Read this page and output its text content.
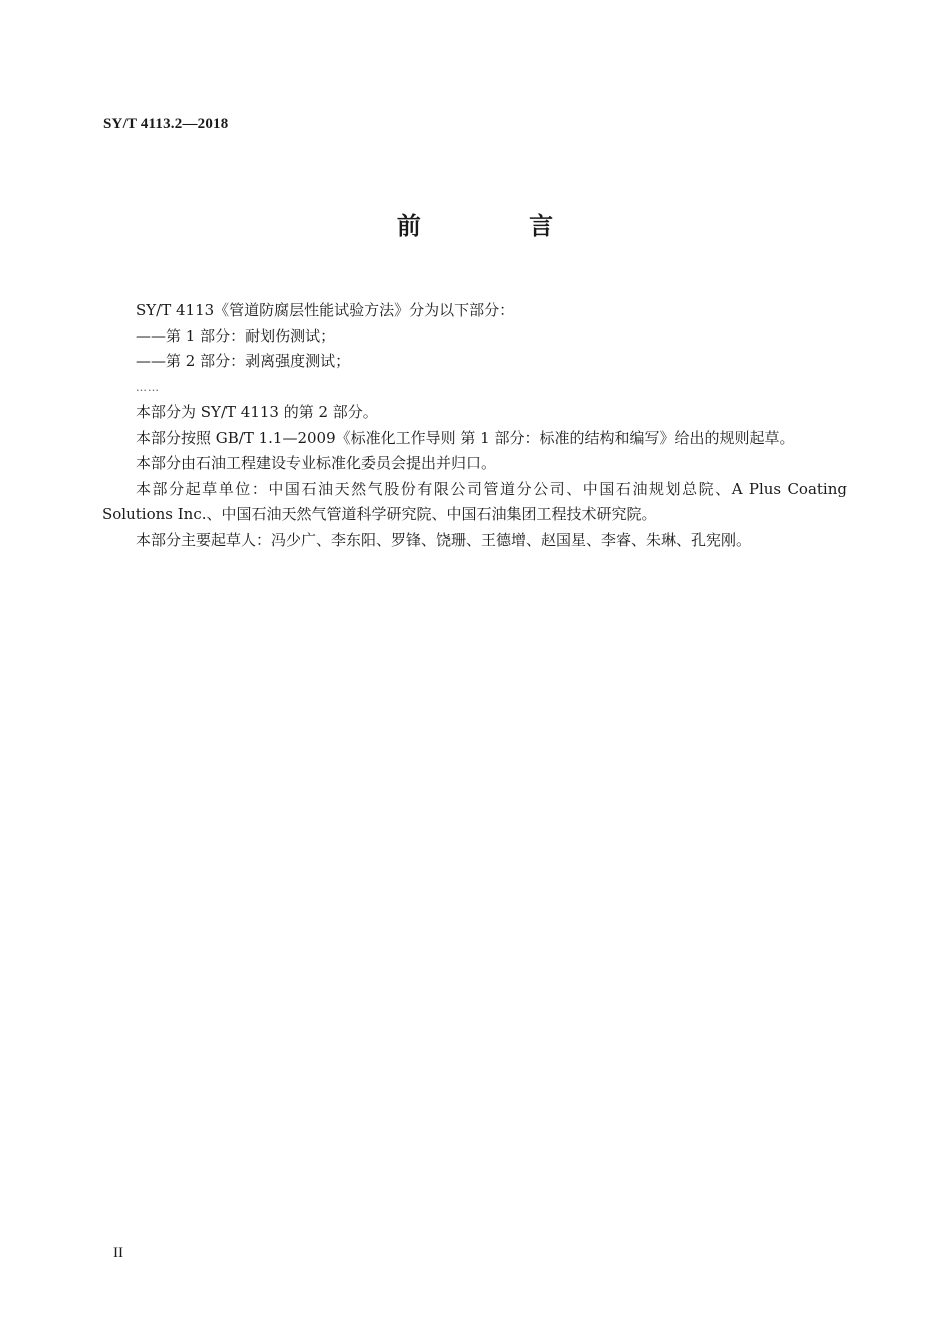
SY/T 4113.2—2018
前 言

SY/T 4113《管道防腐层性能试验方法》分为以下部分：

——第 1 部分：耐划伤测试；

——第 2 部分：剥离强度测试；

……

本部分为 SY/T 4113 的第 2 部分。

本部分按照 GB/T 1.1—2009《标准化工作导则 第 1 部分：标准的结构和编写》给出的规则起草。

本部分由石油工程建设专业标准化委员会提出并归口。

本部分起草单位：中国石油天然气股份有限公司管道分公司、中国石油规划总院、A Plus Coating Solutions Inc.、中国石油天然气管道科学研究院、中国石油集团工程技术研究院。

本部分主要起草人：冯少广、李东阳、罗锋、饶珊、王德增、赵国星、李睿、朱琳、孔宪刚。

II
